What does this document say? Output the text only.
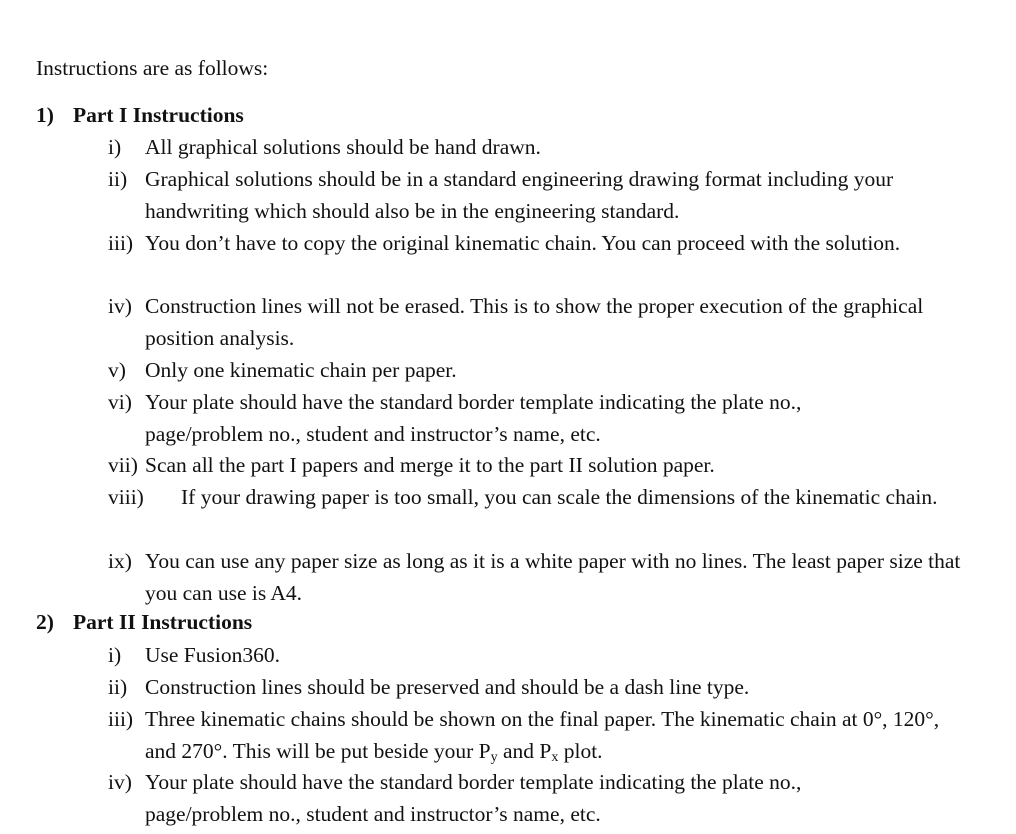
Instructions are as follows:

1) Part I Instructions

i) All graphical solutions should be hand drawn.
ii) Graphical solutions should be in a standard engineering drawing format including your handwriting which should also be in the engineering standard.
iii) You don’t have to copy the original kinematic chain. You can proceed with the solution.
iv) Construction lines will not be erased. This is to show the proper execution of the graphical position analysis.
v) Only one kinematic chain per paper.
vi) Your plate should have the standard border template indicating the plate no., page/problem no., student and instructor’s name, etc.
vii) Scan all the part I papers and merge it to the part II solution paper.
viii)	If your drawing paper is too small, you can scale the dimensions of the kinematic chain.
ix) You can use any paper size as long as it is a white paper with no lines. The least paper size that you can use is A4.

2) Part II Instructions

i) Use Fusion360.
ii) Construction lines should be preserved and should be a dash line type.
iii) Three kinematic chains should be shown on the final paper. The kinematic chain at 0°, 120°, and 270°. This will be put beside your $P_y$ and $P_x$ plot.
iv) Your plate should have the standard border template indicating the plate no., page/problem no., student and instructor’s name, etc.
